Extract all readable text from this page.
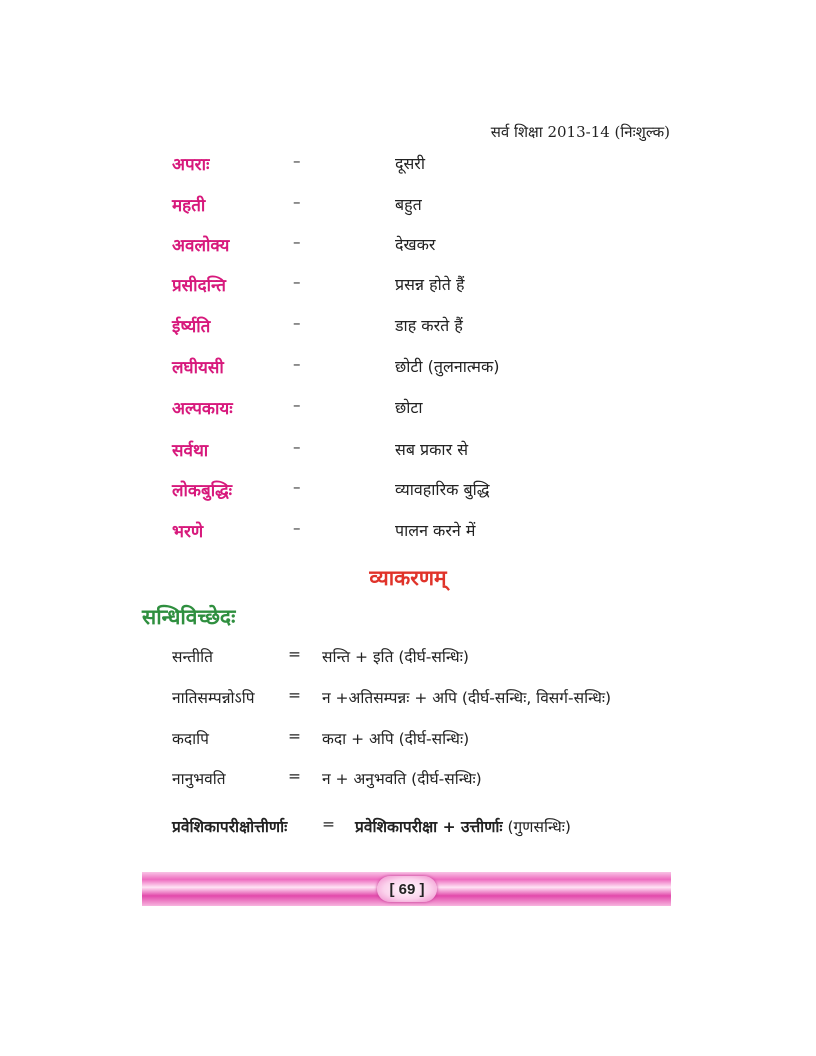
सर्व शिक्षा 2013-14 (निःशुल्क)
अपराः	–	दूसरी
महती	–	बहुत
अवलोक्य	–	देखकर
प्रसीदन्ति	–	प्रसन्न होते हैं
ईर्ष्यति	–	डाह करते हैं
लघीयसी	–	छोटी (तुलनात्मक)
अल्पकायः	–	छोटा
सर्वथा	–	सब प्रकार से
लोकबुद्धिः	–	व्यावहारिक बुद्धि
भरणे	–	पालन करने में
व्याकरणम्
सन्धिविच्छेदः
सन्तीति	= सन्ति + इति (दीर्घ-सन्धिः)
नातिसम्पन्नोऽपि = न +अतिसम्पन्नः + अपि (दीर्घ-सन्धिः, विसर्ग-सन्धिः)
कदापि	= कदा + अपि (दीर्घ-सन्धिः)
नानुभवति	= न + अनुभवति (दीर्घ-सन्धिः)
प्रवेशिकापरीक्षोत्तीर्णाः = प्रवेशिकापरीक्षा + उत्तीर्णाः (गुणसन्धिः)
[ 69 ]
